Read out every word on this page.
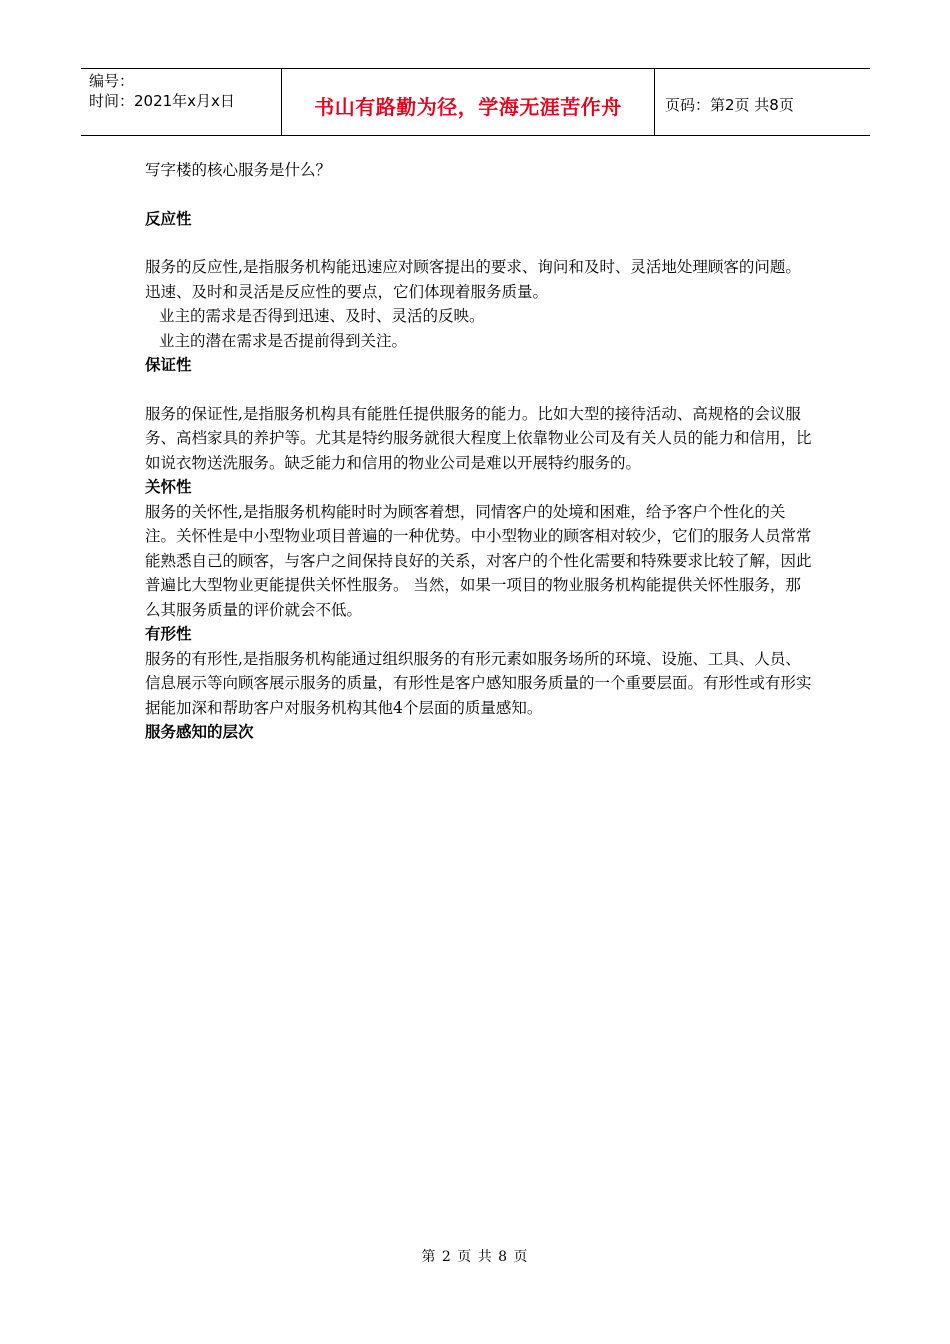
编号：
时间：2021年x月x日	书山有路勤为径，学海无涯苦作舟	页码：第2页 共8页

写字楼的核心服务是什么？

反应性

服务的反应性,是指服务机构能迅速应对顾客提出的要求、询问和及时、灵活地处理顾客的问题。迅速、及时和灵活是反应性的要点，它们体现着服务质量。

业主的需求是否得到迅速、及时、灵活的反映。

业主的潜在需求是否提前得到关注。

保证性

服务的保证性,是指服务机构具有能胜任提供服务的能力。比如大型的接待活动、高规格的会议服务、高档家具的养护等。尤其是特约服务就很大程度上依靠物业公司及有关人员的能力和信用，比如说衣物送洗服务。缺乏能力和信用的物业公司是难以开展特约服务的。

关怀性

服务的关怀性,是指服务机构能时时为顾客着想，同情客户的处境和困难，给予客户个性化的关注。关怀性是中小型物业项目普遍的一种优势。中小型物业的顾客相对较少，它们的服务人员常常能熟悉自己的顾客，与客户之间保持良好的关系，对客户的个性化需要和特殊要求比较了解，因此普遍比大型物业更能提供关怀性服务。 当然，如果一项目的物业服务机构能提供关怀性服务，那么其服务质量的评价就会不低。

有形性

服务的有形性,是指服务机构能通过组织服务的有形元素如服务场所的环境、设施、工具、人员、信息展示等向顾客展示服务的质量，有形性是客户感知服务质量的一个重要层面。有形性或有形实据能加深和帮助客户对服务机构其他4个层面的质量感知。

服务感知的层次

第 2 页 共 8 页
